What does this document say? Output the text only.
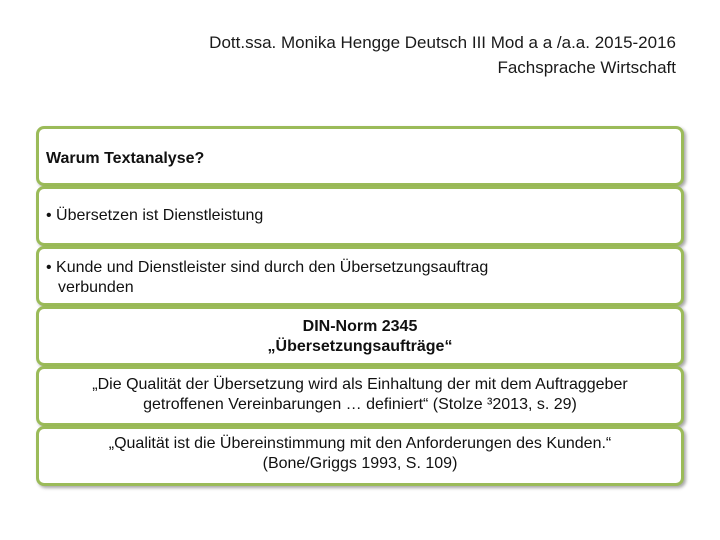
Dott.ssa. Monika Hengge Deutsch III Mod a a /a.a. 2015-2016
Fachsprache Wirtschaft
Warum Textanalyse?
• Übersetzen ist Dienstleistung
• Kunde und Dienstleister sind durch den Übersetzungsauftrag
verbunden
DIN-Norm 2345
„Übersetzungsaufträge“
„Die Qualität der Übersetzung wird als Einhaltung der mit dem Auftraggeber
getroffenen Vereinbarungen … definiert“ (Stolze ³2013, s. 29)
„Qualität ist die Übereinstimmung mit den Anforderungen des Kunden.“
(Bone/Griggs 1993, S. 109)
